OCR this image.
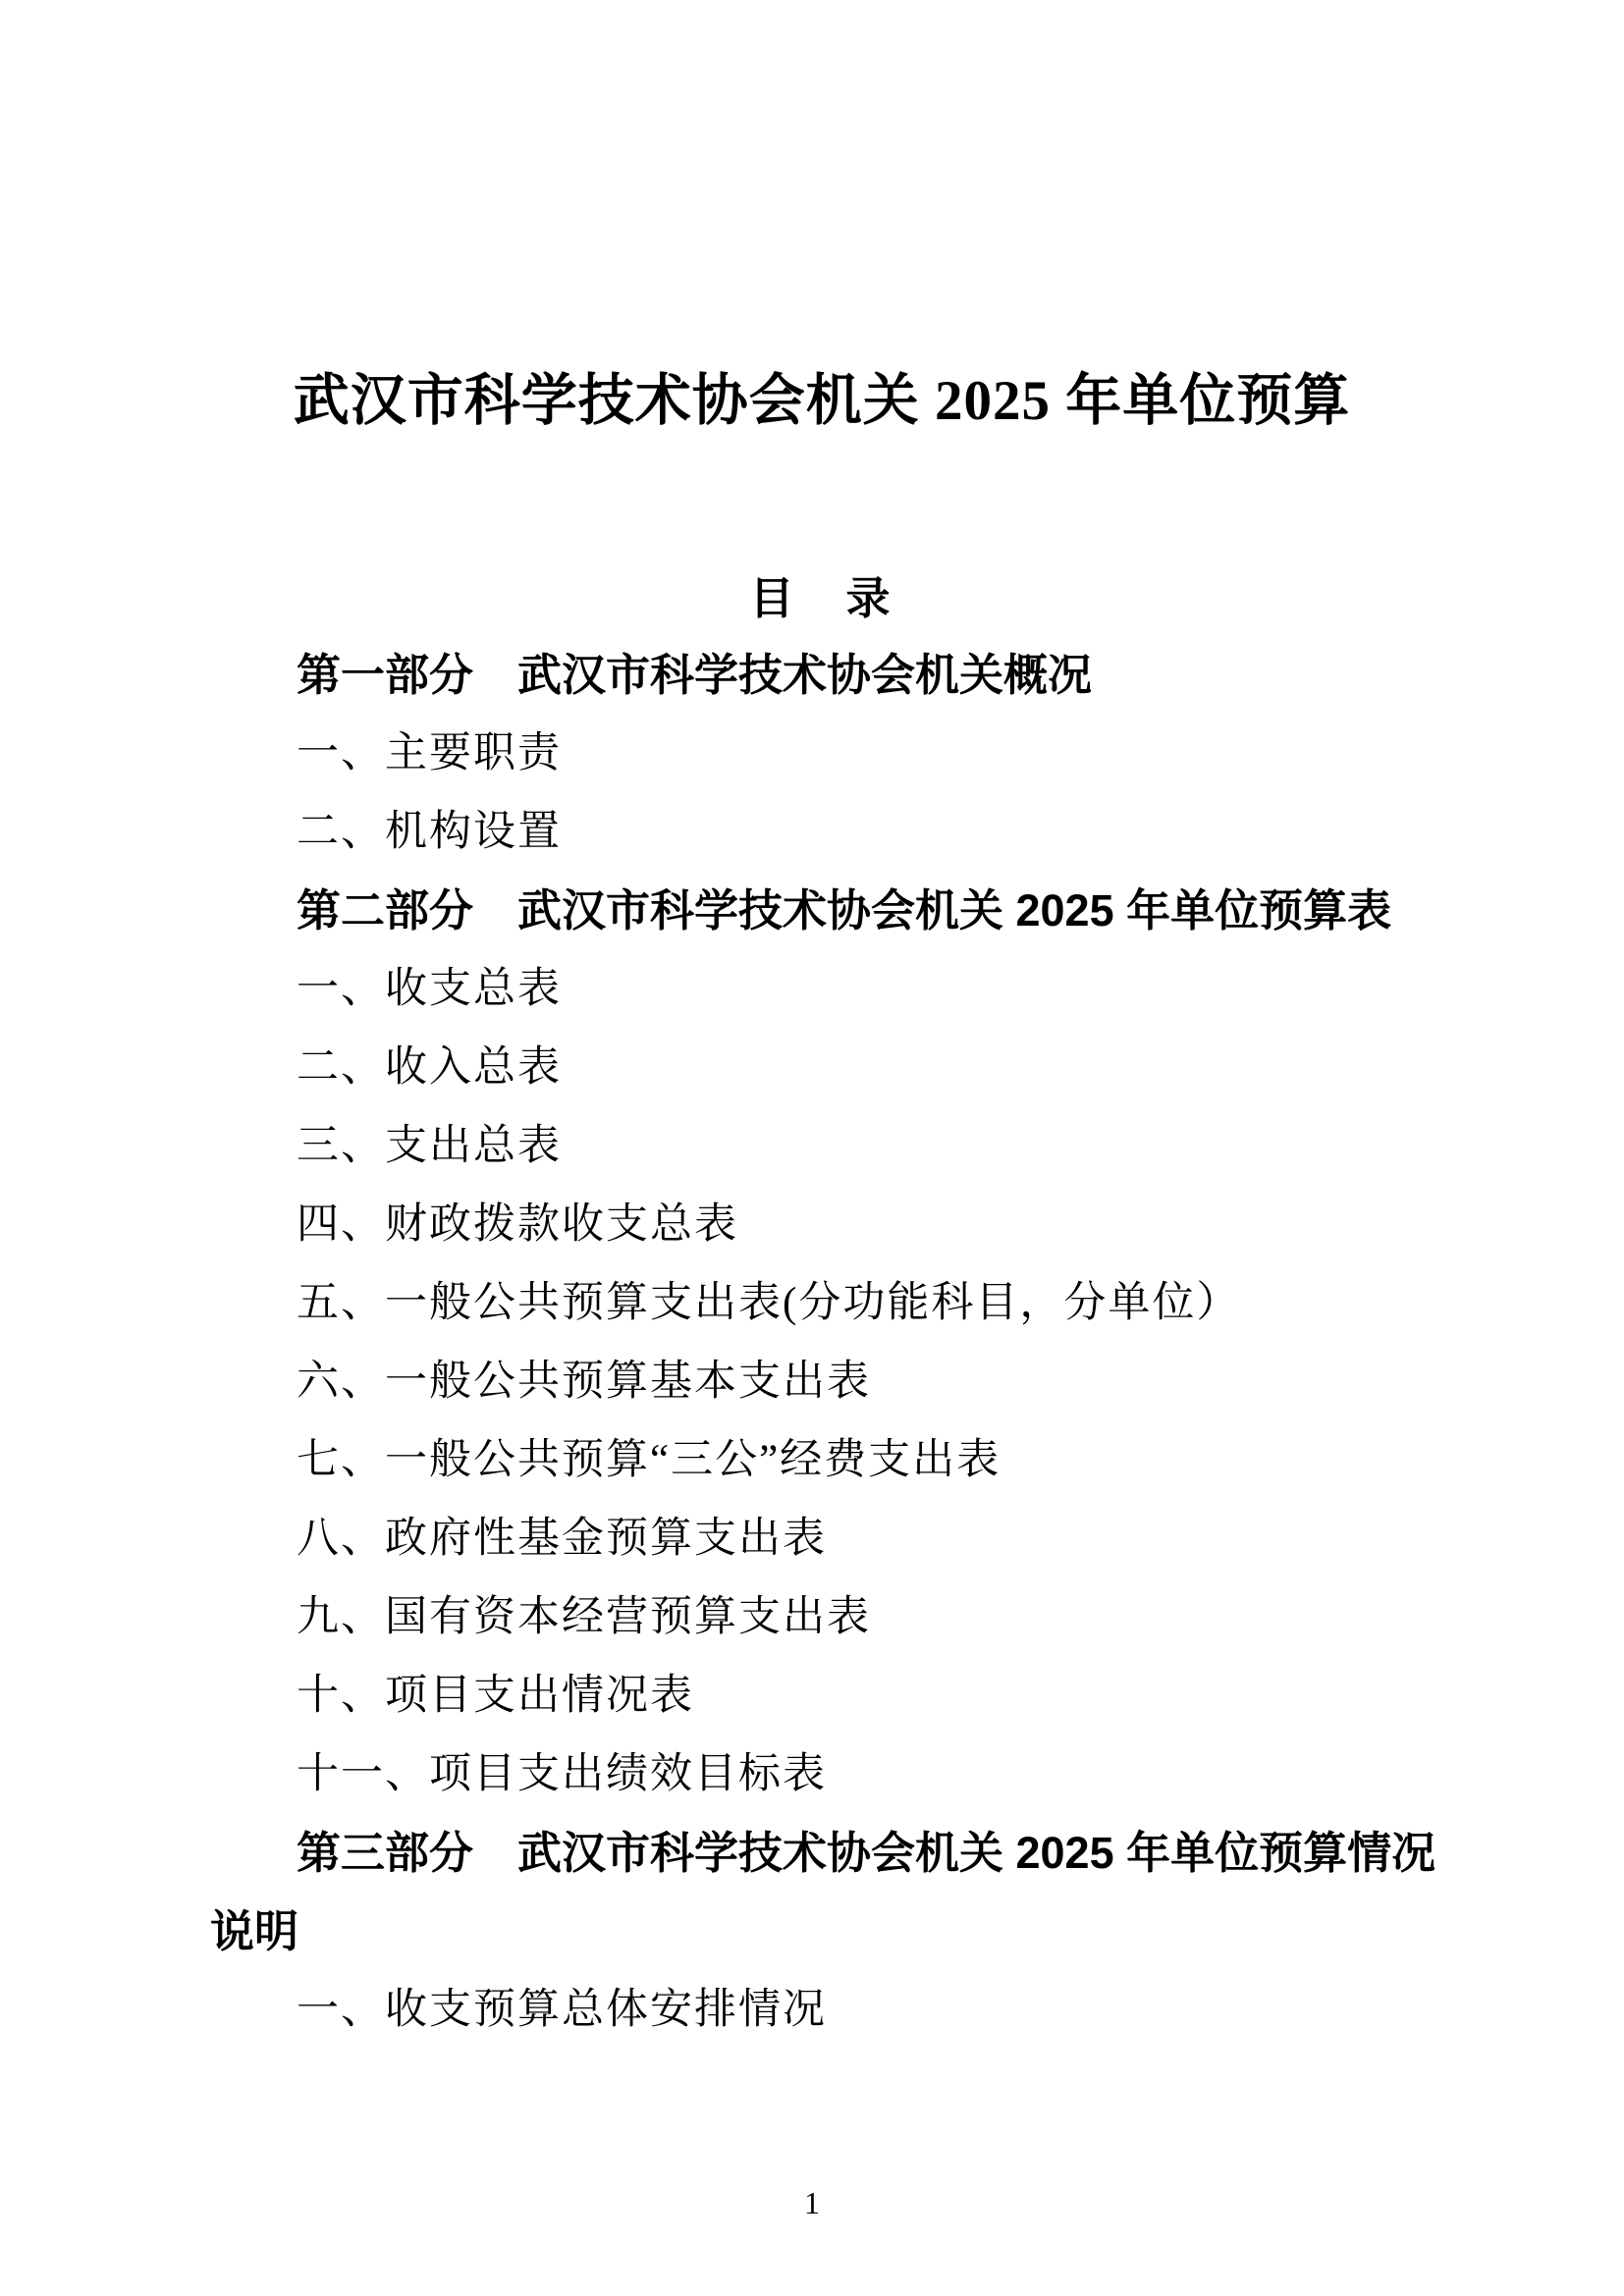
武汉市科学技术协会机关 2025 年单位预算
目　录
第一部分　武汉市科学技术协会机关概况
一、主要职责
二、机构设置
第二部分　武汉市科学技术协会机关 2025 年单位预算表
一、收支总表
二、收入总表
三、支出总表
四、财政拨款收支总表
五、一般公共预算支出表(分功能科目，分单位）
六、一般公共预算基本支出表
七、一般公共预算“三公”经费支出表
八、政府性基金预算支出表
九、国有资本经营预算支出表
十、项目支出情况表
十一、项目支出绩效目标表
第三部分　武汉市科学技术协会机关 2025 年单位预算情况
说明
一、收支预算总体安排情况
1
